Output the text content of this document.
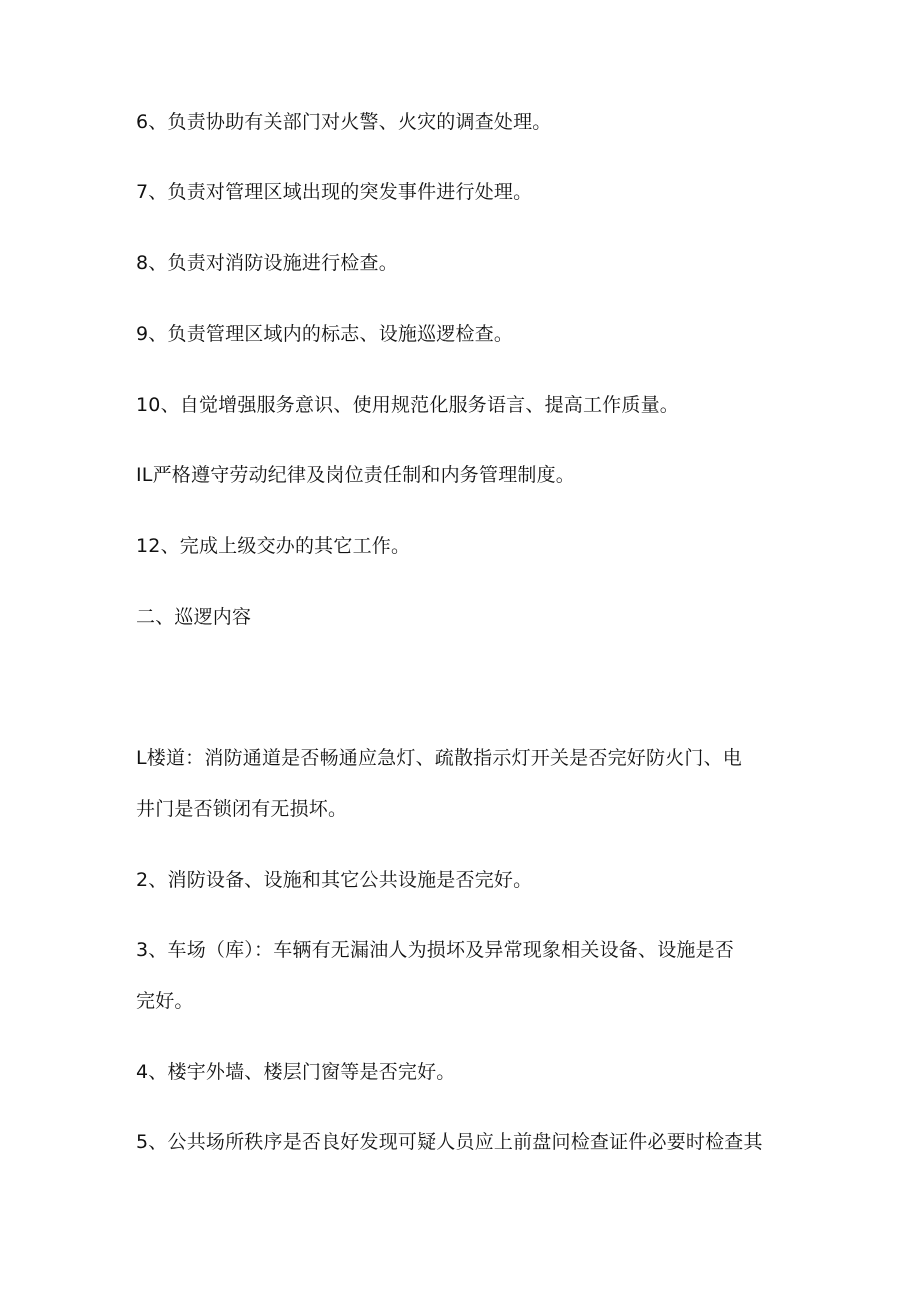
6、负责协助有关部门对火警、火灾的调查处理。

7、负责对管理区域出现的突发事件进行处理。

8、负责对消防设施进行检查。

9、负责管理区域内的标志、设施巡逻检查。

10、自觉增强服务意识、使用规范化服务语言、提高工作质量。

IL严格遵守劳动纪律及岗位责任制和内务管理制度。

12、完成上级交办的其它工作。

二、巡逻内容

L楼道：消防通道是否畅通应急灯、疏散指示灯开关是否完好防火门、电

井门是否锁闭有无损坏。

2、消防设备、设施和其它公共设施是否完好。

3、车场（库）：车辆有无漏油人为损坏及异常现象相关设备、设施是否

完好。

4、楼宇外墙、楼层门窗等是否完好。

5、公共场所秩序是否良好发现可疑人员应上前盘问检查证件必要时检查其
